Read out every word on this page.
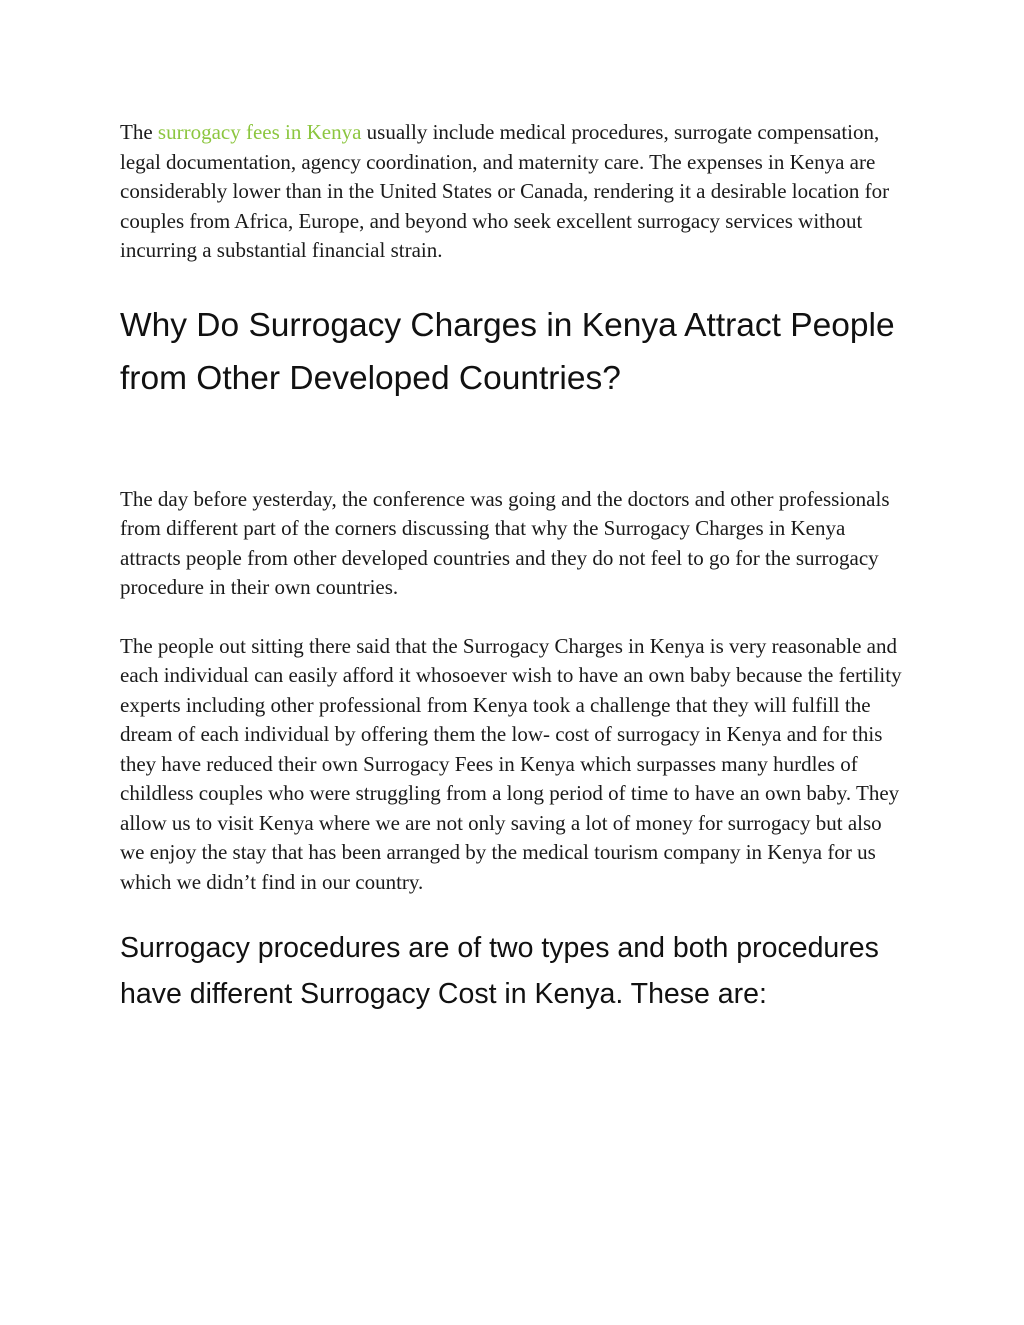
The surrogacy fees in Kenya usually include medical procedures, surrogate compensation, legal documentation, agency coordination, and maternity care. The expenses in Kenya are considerably lower than in the United States or Canada, rendering it a desirable location for couples from Africa, Europe, and beyond who seek excellent surrogacy services without incurring a substantial financial strain.

Why Do Surrogacy Charges in Kenya Attract People from Other Developed Countries?

The day before yesterday, the conference was going and the doctors and other professionals from different part of the corners discussing that why the Surrogacy Charges in Kenya attracts people from other developed countries and they do not feel to go for the surrogacy procedure in their own countries.

The people out sitting there said that the Surrogacy Charges in Kenya is very reasonable and each individual can easily afford it whosoever wish to have an own baby because the fertility experts including other professional from Kenya took a challenge that they will fulfill the dream of each individual by offering them the low- cost of surrogacy in Kenya and for this they have reduced their own Surrogacy Fees in Kenya which surpasses many hurdles of childless couples who were struggling from a long period of time to have an own baby. They allow us to visit Kenya where we are not only saving a lot of money for surrogacy but also we enjoy the stay that has been arranged by the medical tourism company in Kenya for us which we didn’t find in our country.

Surrogacy procedures are of two types and both procedures have different Surrogacy Cost in Kenya. These are:
